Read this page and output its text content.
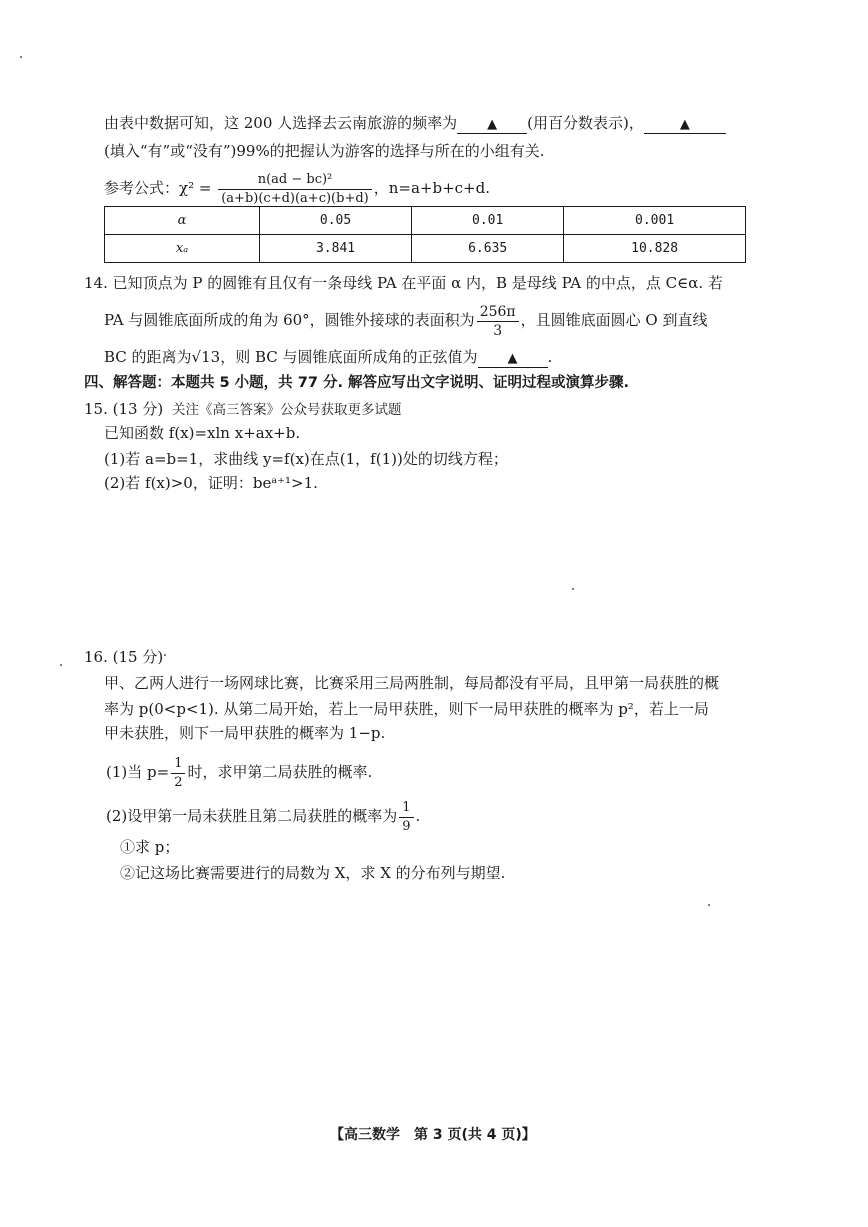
由表中数据可知，这 200 人选择去云南旅游的频率为 ▲ (用百分数表示)，	▲
(填入“有”或“没有”)99%的把握认为游客的选择与所在的小组有关.
参考公式：$\chi^2 = \frac{\text{n(ad − bc)²}}{(a+b)(c+d)(a+c)(b+d)}$ ，n=a+b+c+d.
α	0.05	0.01	0.001
xₐ	3.841	6.635	10.828
14. 已知顶点为 P 的圆锥有且仅有一条母线 PA 在平面 α 内，B 是母线 PA 的中点，点 C∈α. 若
PA 与圆锥底面所成的角为 60°，圆锥外接球的表面积为 $\frac{256\pi}{3}$ ，且圆锥底面圆心 O 到直线
BC 的距离为√13，则 BC 与圆锥底面所成角的正弦值为 ▲ .
四、解答题：本题共 5 小题，共 77 分. 解答应写出文字说明、证明过程或演算步骤.
15. (13 分) 关注《高三答案》公众号获取更多试题
已知函数 f(x)=xln x+ax+b.
(1)若 a=b=1，求曲线 y=f(x)在点(1，f(1))处的切线方程；
(2)若 f(x)>0，证明：beᵃ⁺¹>1.
16. (15 分)
甲、乙两人进行一场网球比赛，比赛采用三局两胜制，每局都没有平局，且甲第一局获胜的概
率为 p(0<p<1). 从第二局开始，若上一局甲获胜，则下一局甲获胜的概率为 p²，若上一局
甲未获胜，则下一局甲获胜的概率为 1−p.
(1)当 $p= \frac{1}{2}$ 时，求甲第二局获胜的概率.
(2)设甲第一局未获胜且第二局获胜的概率为 $\frac{1}{9}$ .
①求 p；
②记这场比赛需要进行的局数为 X，求 X 的分布列与期望.
【高三数学　第 3 页(共 4 页)】
